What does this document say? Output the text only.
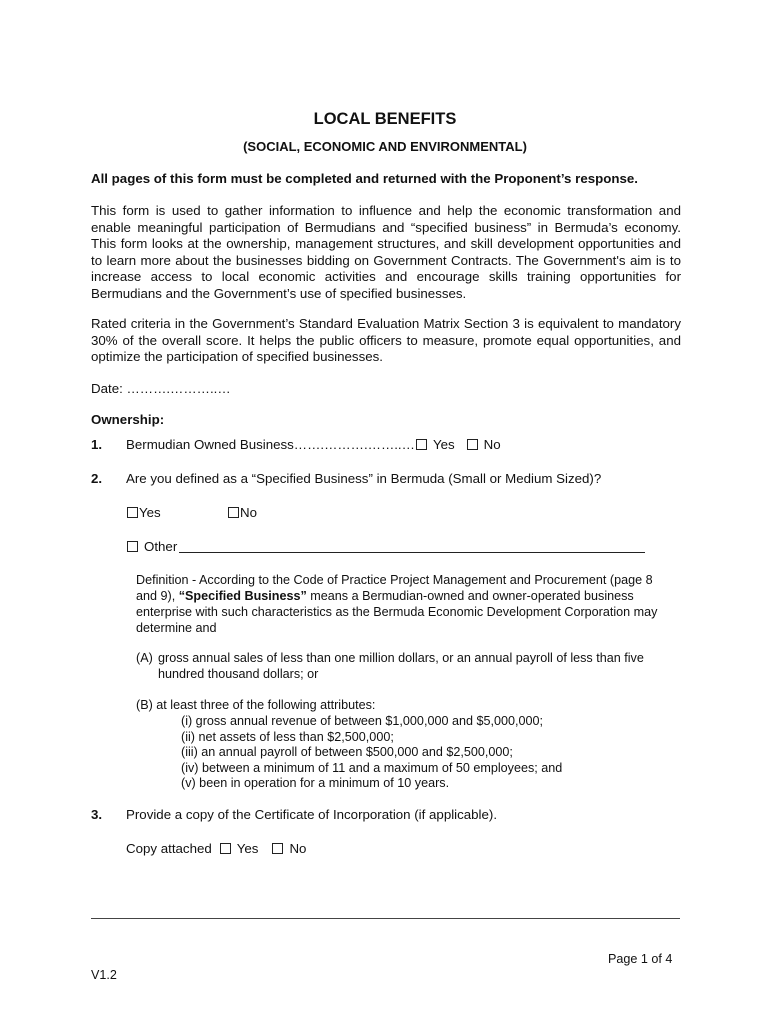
LOCAL BENEFITS
(SOCIAL, ECONOMIC AND ENVIRONMENTAL)
All pages of this form must be completed and returned with the Proponent’s response.
This form is used to gather information to influence and help the economic transformation and enable meaningful participation of Bermudians and “specified business” in Bermuda’s economy. This form looks at the ownership, management structures, and skill development opportunities and to learn more about the businesses bidding on Government Contracts. The Government's aim is to increase access to local economic activities and encourage skills training opportunities for Bermudians and the Government’s use of specified businesses.
Rated criteria in the Government’s Standard Evaluation Matrix Section 3 is equivalent to mandatory 30% of the overall score. It helps the public officers to measure, promote equal opportunities, and optimize the participation of specified businesses.
Date: ……….………..…
Ownership:
1. Bermudian Owned Business…….……….……..… Yes No
2. Are you defined as a “Specified Business” in Bermuda (Small or Medium Sized)?
Yes	No
Other
Definition - According to the Code of Practice Project Management and Procurement (page 8 and 9), “Specified Business” means a Bermudian-owned and owner-operated business enterprise with such characteristics as the Bermuda Economic Development Corporation may determine and
(A) gross annual sales of less than one million dollars, or an annual payroll of less than five hundred thousand dollars; or
(B) at least three of the following attributes:
(i) gross annual revenue of between $1,000,000 and $5,000,000;
(ii) net assets of less than $2,500,000;
(iii) an annual payroll of between $500,000 and $2,500,000;
(iv) between a minimum of 11 and a maximum of 50 employees; and
(v) been in operation for a minimum of 10 years.
3. Provide a copy of the Certificate of Incorporation (if applicable).
Copy attached Yes No
Page 1 of 4
V1.2
